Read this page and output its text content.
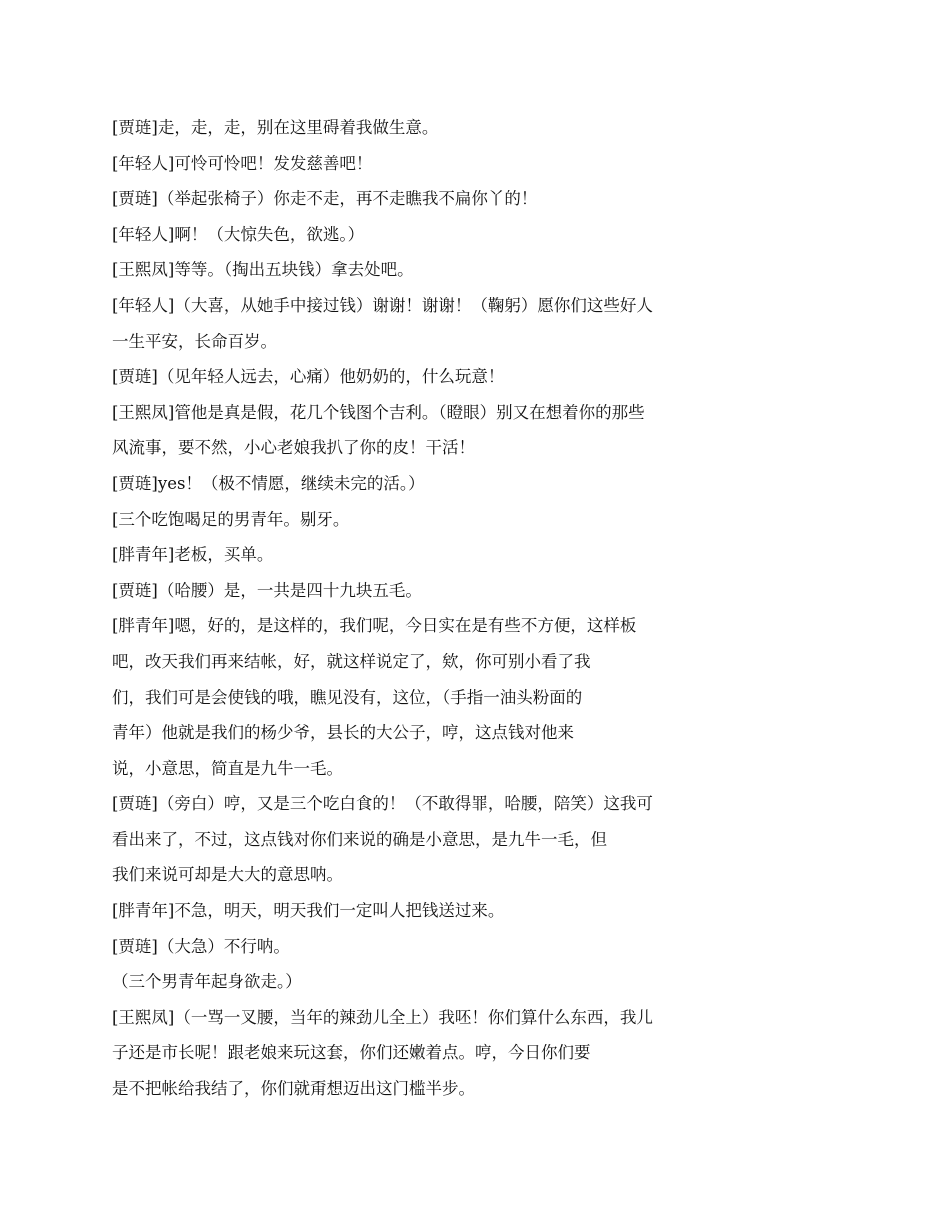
[贾琏]走，走，走，别在这里碍着我做生意。
[年轻人]可怜可怜吧！发发慈善吧！
[贾琏]（举起张椅子）你走不走，再不走瞧我不扁你丫的！
[年轻人]啊！（大惊失色，欲逃。）
[王熙凤]等等。（掏出五块钱）拿去处吧。
[年轻人]（大喜，从她手中接过钱）谢谢！谢谢！（鞠躬）愿你们这些好人
一生平安，长命百岁。
[贾琏]（见年轻人远去，心痛）他奶奶的，什么玩意！
[王熙凤]管他是真是假，花几个钱图个吉利。（瞪眼）别又在想着你的那些
风流事，要不然，小心老娘我扒了你的皮！干活！
[贾琏]yes！（极不情愿，继续未完的活。）
[三个吃饱喝足的男青年。剔牙。
[胖青年]老板，买单。
[贾琏]（哈腰）是，一共是四十九块五毛。
[胖青年]嗯，好的，是这样的，我们呢，今日实在是有些不方便，这样板
吧，改天我们再来结帐，好，就这样说定了，欸，你可别小看了我
们，我们可是会使钱的哦，瞧见没有，这位，（手指一油头粉面的
青年）他就是我们的杨少爷，县长的大公子，哼，这点钱对他来
说，小意思，简直是九牛一毛。
[贾琏]（旁白）哼，又是三个吃白食的！（不敢得罪，哈腰，陪笑）这我可
看出来了，不过，这点钱对你们来说的确是小意思，是九牛一毛，但
我们来说可却是大大的意思呐。
[胖青年]不急，明天，明天我们一定叫人把钱送过来。
[贾琏]（大急）不行呐。
（三个男青年起身欲走。）
[王熙凤]（一骂一叉腰，当年的辣劲儿全上）我呸！你们算什么东西，我儿
子还是市长呢！跟老娘来玩这套，你们还嫩着点。哼，今日你们要
是不把帐给我结了，你们就甭想迈出这门槛半步。
